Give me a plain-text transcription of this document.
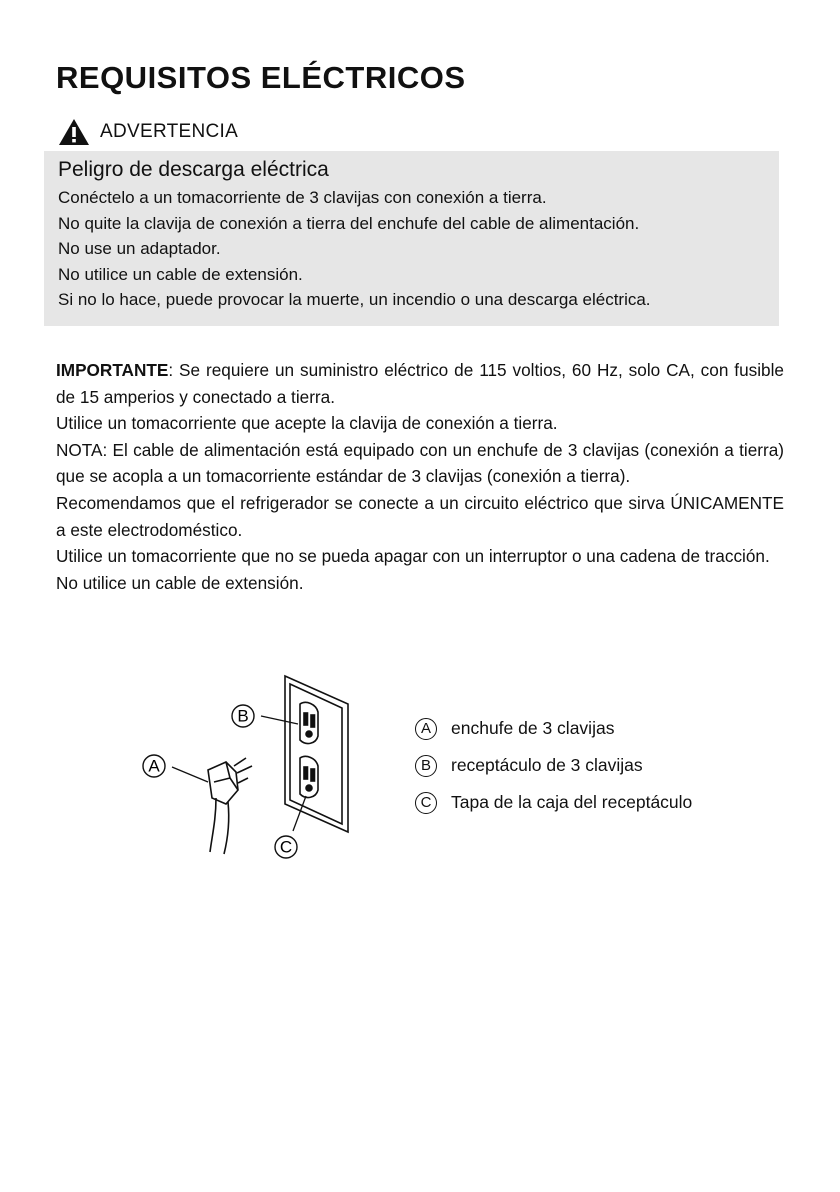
REQUISITOS ELÉCTRICOS
ADVERTENCIA

Peligro de descarga eléctrica

Conéctelo a un tomacorriente de 3 clavijas con conexión a tierra.

No quite la clavija de conexión a tierra del enchufe del cable de alimentación.

No use un adaptador.

No utilice un cable de extensión.

Si no lo hace, puede provocar la muerte, un incendio o una descarga eléctrica.

IMPORTANTE: Se requiere un suministro eléctrico de 115 voltios, 60 Hz, solo CA, con fusible de 15 amperios y conectado a tierra.

Utilice un tomacorriente que acepte la clavija de conexión a tierra.

NOTA: El cable de alimentación está equipado con un enchufe de 3 clavijas (conexión a tierra) que se acopla a un tomacorriente estándar de 3 clavijas (conexión a tierra).

Recomendamos que el refrigerador se conecte a un circuito eléctrico que sirva ÚNICAMENTE a este electrodoméstico.

Utilice un tomacorriente que no se pueda apagar con un interruptor o una cadena de tracción.

No utilice un cable de extensión.

A
B
C
A	enchufe de 3 clavijas
B	receptáculo de 3 clavijas
C	Tapa de la caja del receptáculo
